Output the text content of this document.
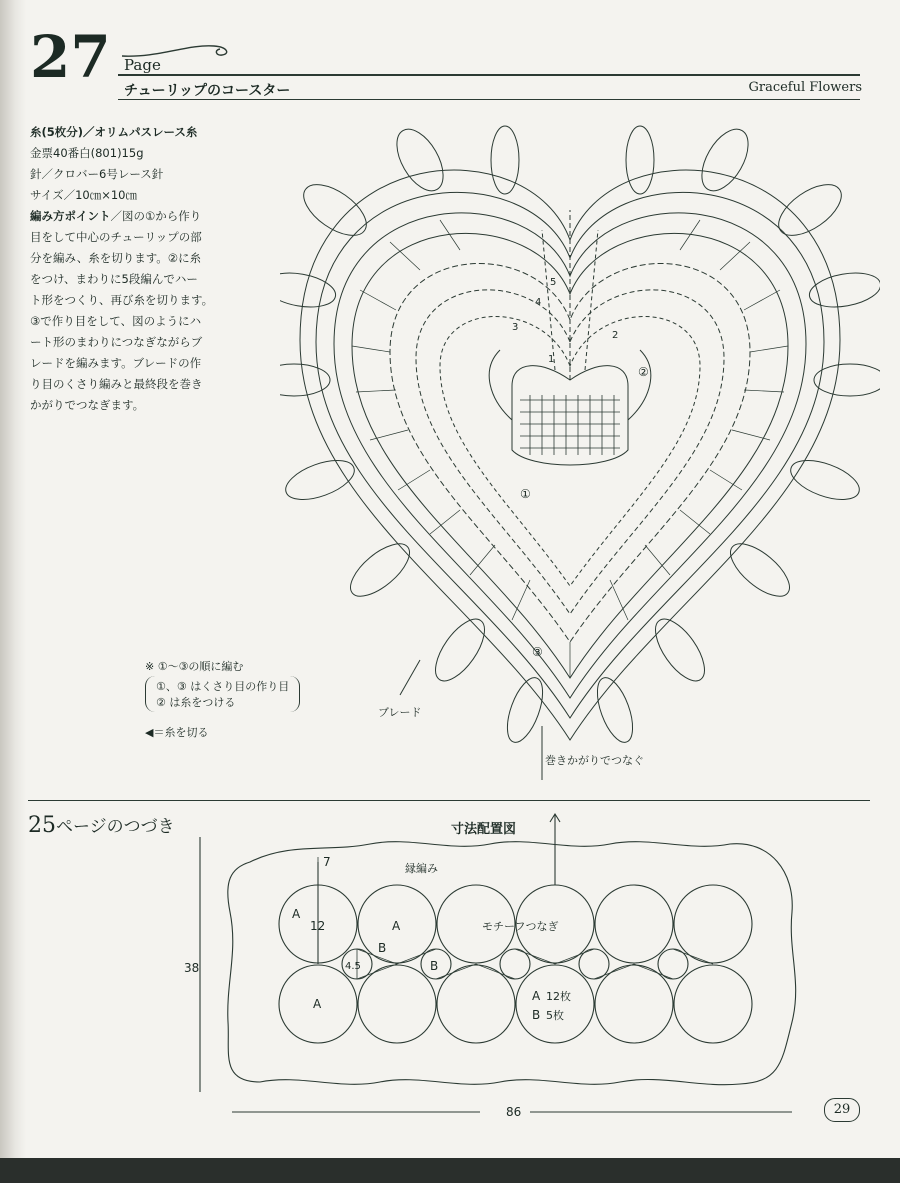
27 Page
チューリップのコースター	Graceful Flowers
糸(5枚分)／オリムパスレース糸
金票40番白(801)15g
針／クロバー6号レース針
サイズ／10㎝×10㎝
編み方ポイント／図の①から作り
目をして中心のチューリップの部
分を編み、糸を切ります。②に糸
をつけ、まわりに5段編んでハー
ト形をつくり、再び糸を切ります。
③で作り目をして、図のようにハ
ート形のまわりにつなぎながらブ
レードを編みます。ブレードの作
り目のくさり編みと最終段を巻き
かがりでつなぎます。
5
4
3
2
1
①
②
③
ブレード
巻きかがりでつなぐ
※ ①～③の順に編む
①、③ はくさり目の作り目
② は糸をつける
◀＝糸を切る
25ページのつづき	寸法配置図
7
12
4.5
38
86
縁編み
モチーフつなぎ
A
A
A
B
B
A 12枚
B 5枚
29
